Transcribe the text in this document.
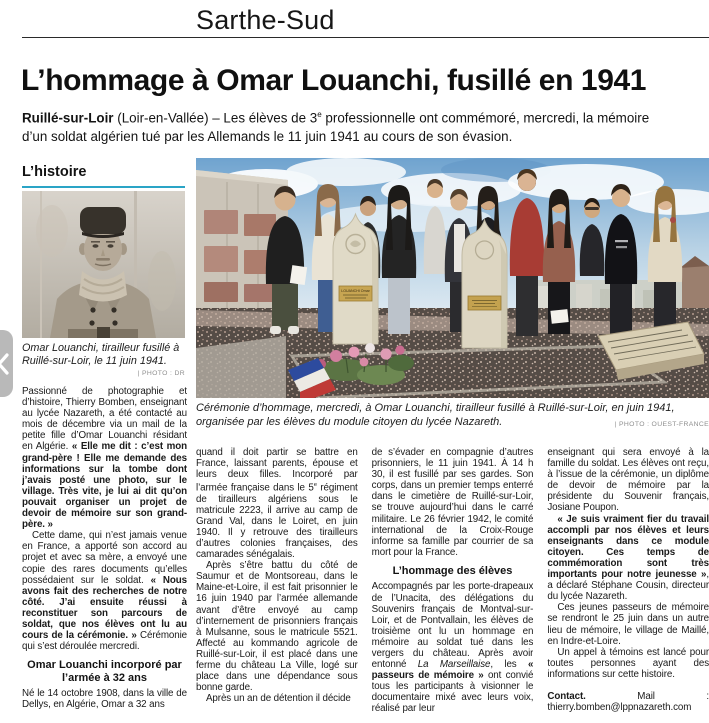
Sarthe-Sud
L’hommage à Omar Louanchi, fusillé en 1941
Ruillé-sur-Loir (Loir-en-Vallée) – Les élèves de 3e professionnelle ont commémoré, mercredi, la mémoire d’un soldat algérien tué par les Allemands le 11 juin 1941 au cours de son évasion.
L’histoire
Omar Louanchi, tirailleur fusillé à Ruillé-sur-Loir, le 11 juin 1941.
| PHOTO : DR
LOUANCHI Omar
Cérémonie d’hommage, mercredi, à Omar Louanchi, tirailleur fusillé à Ruillé-sur-Loir, en juin 1941, organisée par les élèves du module citoyen du lycée Nazareth.	| PHOTO : OUEST-FRANCE

Passionné de photographie et d’histoire, Thierry Bomben, enseignant au lycée Nazareth, a été contacté au mois de décembre via un mail de la petite fille d’Omar Louanchi résidant en Algérie. « Elle me dit : c’est mon grand-père ! Elle me demande des informations sur la tombe dont j’avais posté une photo, sur le village. Très vite, je lui ai dit qu’on pouvait organiser un projet de devoir de mémoire sur son grand-père. »

Cette dame, qui n’est jamais venue en France, a apporté son accord au projet et avec sa mère, a envoyé une copie des rares documents qu’elles possédaient sur le soldat. « Nous avons fait des recherches de notre côté. J’ai ensuite réussi à reconstituer son parcours de soldat, que nos élèves ont lu au cours de la cérémonie. » Cérémonie qui s’est déroulée mercredi.

Omar Louanchi incorporé par l’armée à 32 ans

Né le 14 octobre 1908, dans la ville de Dellys, en Algérie, Omar a 32 ans

quand il doit partir se battre en France, laissant parents, épouse et leurs deux filles. Incorporé par l’armée française dans le 5e régiment de tirailleurs algériens sous le matricule 2223, il arrive au camp de Grand Val, dans le Loiret, en juin 1940. Il y retrouve des tirailleurs d’autres colonies françaises, des camarades sénégalais.

Après s’être battu du côté de Saumur et de Montsoreau, dans le Maine-et-Loire, il est fait prisonnier le 16 juin 1940 par l’armée allemande avant d’être envoyé au camp d’internement de prisonniers français à Mulsanne, sous le matricule 5521. Affecté au kommando agricole de Ruillé-sur-Loir, il est placé dans une ferme du château La Ville, logé sur place dans une dépendance sous bonne garde.

Après un an de détention il décide

de s’évader en compagnie d’autres prisonniers, le 11 juin 1941. À 14 h 30, il est fusillé par ses gardes. Son corps, dans un premier temps enterré dans le cimetière de Ruillé-sur-Loir, se trouve aujourd’hui dans le carré militaire. Le 26 février 1942, le comité international de la Croix-Rouge informe sa famille par courrier de sa mort pour la France.

L’hommage des élèves

Accompagnés par les porte-drapeaux de l’Unacita, des délégations du Souvenirs français de Montval-sur-Loir, et de Pontvallain, les élèves de troisième ont lu un hommage en mémoire au soldat tué dans les vergers du château. Après avoir entonné La Marseillaise, les « passeurs de mémoire » ont convié tous les participants à visionner le documentaire mixé avec leurs voix, réalisé par leur

enseignant qui sera envoyé à la famille du soldat. Les élèves ont reçu, à l’issue de la cérémonie, un diplôme de devoir de mémoire par la présidente du Souvenir français, Josiane Poupon.

« Je suis vraiment fier du travail accompli par nos élèves et leurs enseignants dans ce module citoyen. Ces temps de commémoration sont très importants pour notre jeunesse », a déclaré Stéphane Cousin, directeur du lycée Nazareth.

Ces jeunes passeurs de mémoire se rendront le 25 juin dans un autre lieu de mémoire, le village de Maillé, en Indre-et-Loire.

Un appel à témoins est lancé pour toutes personnes ayant des informations sur cette histoire.

Contact. Mail : thierry.bomben@lppnazareth.com
